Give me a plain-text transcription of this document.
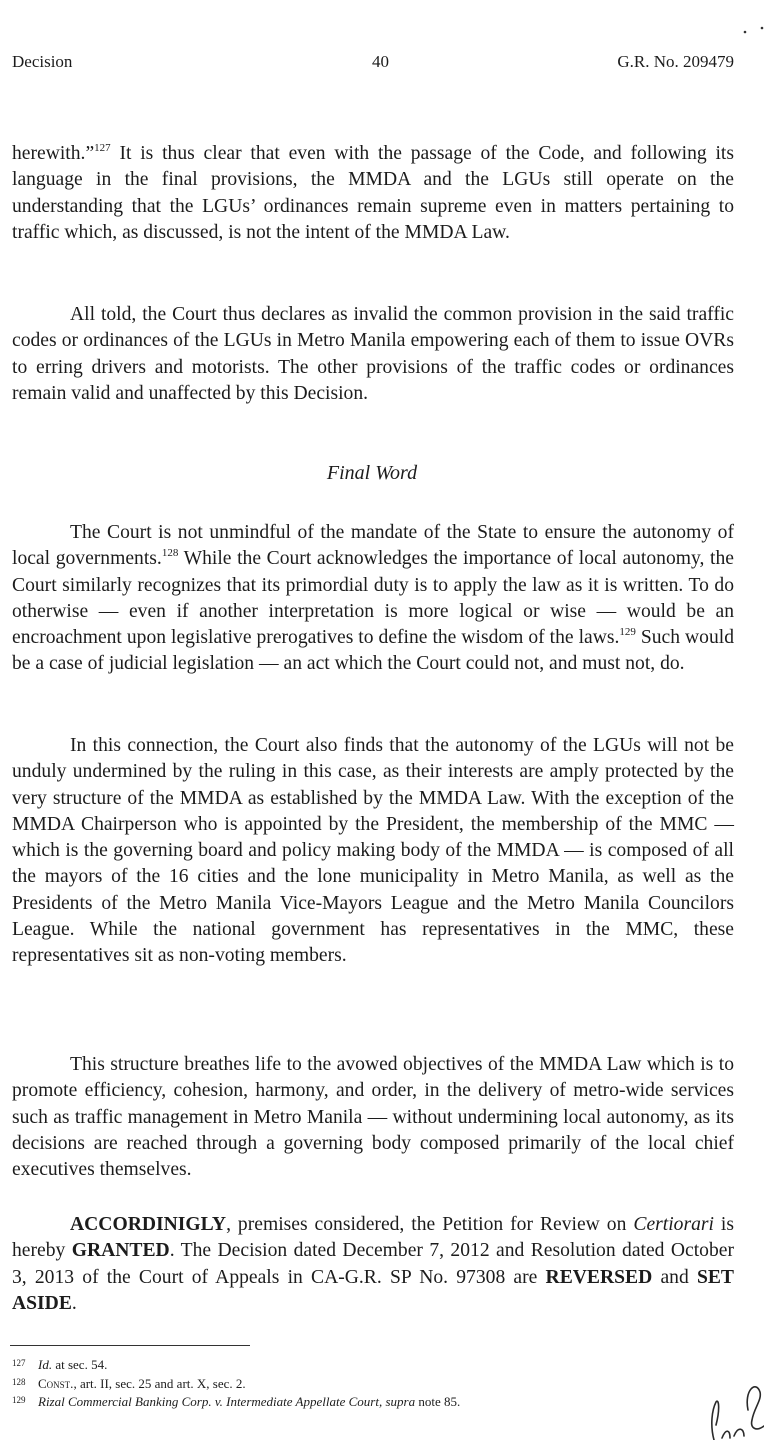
Decision	40	G.R. No. 209479

herewith.”$^{127}$ It is thus clear that even with the passage of the Code, and following its language in the final provisions, the MMDA and the LGUs still operate on the understanding that the LGUs’ ordinances remain supreme even in matters pertaining to traffic which, as discussed, is not the intent of the MMDA Law.

All told, the Court thus declares as invalid the common provision in the said traffic codes or ordinances of the LGUs in Metro Manila empowering each of them to issue OVRs to erring drivers and motorists. The other provisions of the traffic codes or ordinances remain valid and unaffected by this Decision.

Final Word

The Court is not unmindful of the mandate of the State to ensure the autonomy of local governments.$^{128}$ While the Court acknowledges the importance of local autonomy, the Court similarly recognizes that its primordial duty is to apply the law as it is written. To do otherwise — even if another interpretation is more logical or wise — would be an encroachment upon legislative prerogatives to define the wisdom of the laws.$^{129}$ Such would be a case of judicial legislation — an act which the Court could not, and must not, do.

In this connection, the Court also finds that the autonomy of the LGUs will not be unduly undermined by the ruling in this case, as their interests are amply protected by the very structure of the MMDA as established by the MMDA Law. With the exception of the MMDA Chairperson who is appointed by the President, the membership of the MMC — which is the governing board and policy making body of the MMDA — is composed of all the mayors of the 16 cities and the lone municipality in Metro Manila, as well as the Presidents of the Metro Manila Vice-Mayors League and the Metro Manila Councilors League. While the national government has representatives in the MMC, these representatives sit as non-voting members.

This structure breathes life to the avowed objectives of the MMDA Law which is to promote efficiency, cohesion, harmony, and order, in the delivery of metro-wide services such as traffic management in Metro Manila — without undermining local autonomy, as its decisions are reached through a governing body composed primarily of the local chief executives themselves.

ACCORDINIGLY, premises considered, the Petition for Review on Certiorari is hereby GRANTED. The Decision dated December 7, 2012 and Resolution dated October 3, 2013 of the Court of Appeals in CA-G.R. SP No. 97308 are REVERSED and SET ASIDE.

127 Id. at sec. 54.
128 Const., art. II, sec. 25 and art. X, sec. 2.
129 Rizal Commercial Banking Corp. v. Intermediate Appellate Court, supra note 85.
